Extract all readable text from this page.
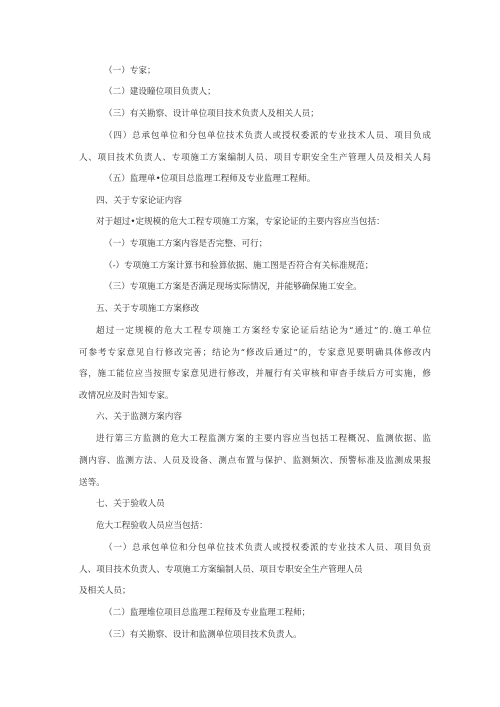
（一）专家；
（二）建设瞳位项目负责人；
（三）有关勘察、设计单位项目技术负责人及相关人员；
（四）总承包单位和分包单位技术负责人或授权委派的专业技术人员、项目负成
人、项目技术负责人、专项施工方案编制人员、项目专职安全生产管理人员及相关人舄
（五）监理单•位项目总监理工程师及专业监理工程师。
四、关于专家论证内容
对于超过•定规模的危大工程专项施工方案，专家论证的主要内容应当包括：
（一）专项施工方案内容是否完整、可行；
（-）专项施工方案计算书和验算依据、施工图是否符合有关标准规范；
（三）专项施工方案是否满足现场实际情况，并能够确保施工安全。
五、关于专项施工方案修改
超过一定规模的危大工程专项施工方案经专家论证后结论为“通过”的.施工单位
可参考专家意见自行修改完善；结论为“修改后通过”的，专家意见要明确具体修改内
容，施工能位应当按照专家意见进行修改，并履行有关审核和审杳手续后方可实施，修
改情况应及时告知专家。
六、关于监测方案内容
进行第三方监测的危大工程监测方案的主要内容应当包括工程概况、监测依据、监
测内容、监测方法、人员及设备、测点布置与保护、监测频次、预警标准及监测成果报
送等。
七、关于验收人员
危大工程验收人员应当包括：
（一）总承包单位和分包单位技术负责人或授权委派的专业技术人员、项目负贡
人、项目技术负责人、专项施工方案编制人员、项目专职安全生产管理人员
及相关人员；
（二）监理堆位项目总监理工程师及专业监理工程师；
（三）有关勘察、设计和监测单位项目技术负责人。
